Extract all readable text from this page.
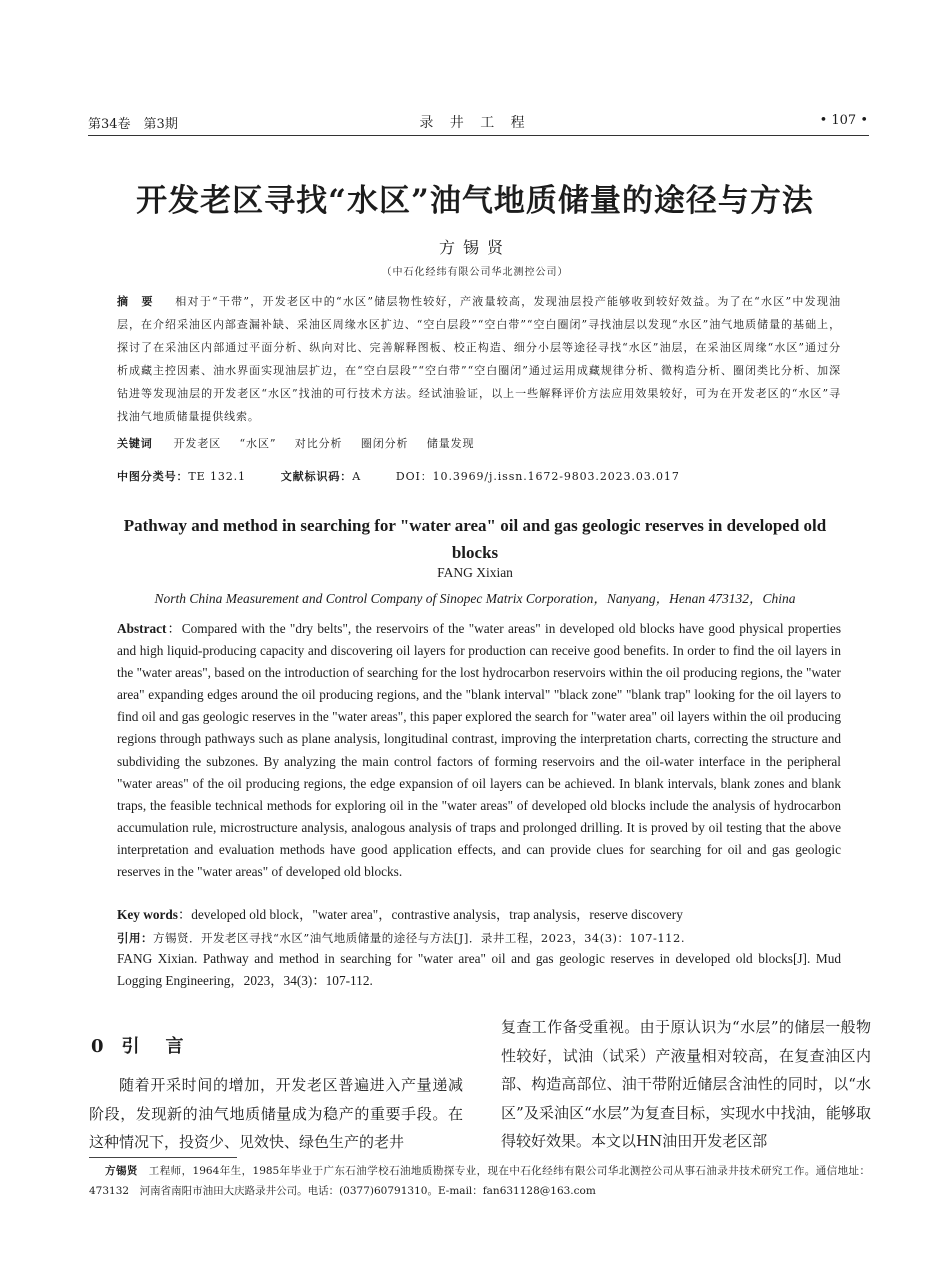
第34卷　第3期	录 井 工 程	• 107 •
开发老区寻找“水区”油气地质储量的途径与方法
方锡贤
（中石化经纬有限公司华北测控公司）
摘　要 相对于“干带”，开发老区中的“水区”储层物性较好，产液量较高，发现油层投产能够收到较好效益。为了在“水区”中发现油层，在介绍采油区内部查漏补缺、采油区周缘水区扩边、“空白层段”“空白带”“空白圈闭”寻找油层以发现“水区”油气地质储量的基础上，探讨了在采油区内部通过平面分析、纵向对比、完善解释图板、校正构造、细分小层等途径寻找“水区”油层，在采油区周缘“水区”通过分析成藏主控因素、油水界面实现油层扩边，在“空白层段”“空白带”“空白圈闭”通过运用成藏规律分析、微构造分析、圈闭类比分析、加深钻进等发现油层的开发老区“水区”找油的可行技术方法。经试油验证，以上一些解释评价方法应用效果较好，可为在开发老区的“水区”寻找油气地质储量提供线索。
关键词 开发老区 “水区” 对比分析 圈闭分析 储量发现
中图分类号：TE 132.1	文献标识码：A	DOI：10.3969/j.issn.1672-9803.2023.03.017
Pathway and method in searching for "water area" oil and gas geologic reserves in developed old blocks
FANG Xixian
North China Measurement and Control Company of Sinopec Matrix Corporation，Nanyang，Henan 473132，China
Abstract：Compared with the "dry belts", the reservoirs of the "water areas" in developed old blocks have good physical properties and high liquid-producing capacity and discovering oil layers for production can receive good benefits. In order to find the oil layers in the "water areas", based on the introduction of searching for the lost hydrocarbon reservoirs within the oil producing regions, the "water area" expanding edges around the oil producing regions, and the "blank interval" "black zone" "blank trap" looking for the oil layers to find oil and gas geologic reserves in the "water areas", this paper explored the search for "water area" oil layers within the oil producing regions through pathways such as plane analysis, longitudinal contrast, improving the interpretation charts, correcting the structure and subdividing the subzones. By analyzing the main control factors of forming reservoirs and the oil-water interface in the peripheral "water areas" of the oil producing regions, the edge expansion of oil layers can be achieved. In blank intervals, blank zones and blank traps, the feasible technical methods for exploring oil in the "water areas" of developed old blocks include the analysis of hydrocarbon accumulation rule, microstructure analysis, analogous analysis of traps and prolonged drilling. It is proved by oil testing that the above interpretation and evaluation methods have good application effects, and can provide clues for searching for oil and gas geologic reserves in the "water areas" of developed old blocks.
Key words：developed old block，"water area"，contrastive analysis，trap analysis，reserve discovery
引用：方锡贤．开发老区寻找“水区”油气地质储量的途径与方法[J]．录井工程，2023，34(3)：107-112.
FANG Xixian. Pathway and method in searching for "water area" oil and gas geologic reserves in developed old blocks[J]. Mud Logging Engineering，2023，34(3)：107-112.
0 引　言
随着开采时间的增加，开发老区普遍进入产量递减阶段，发现新的油气地质储量成为稳产的重要手段。在这种情况下，投资少、见效快、绿色生产的老井
复查工作备受重视。由于原认识为“水层”的储层一般物性较好，试油（试采）产液量相对较高，在复查油区内部、构造高部位、油干带附近储层含油性的同时，以“水区”及采油区“水层”为复查目标，实现水中找油，能够取得较好效果。本文以HN油田开发老区部
方锡贤　工程师，1964年生，1985年毕业于广东石油学校石油地质勘探专业，现在中石化经纬有限公司华北测控公司从事石油录井技术研究工作。通信地址：473132　河南省南阳市油田大庆路录井公司。电话：(0377)60791310。E-mail：fan631128@163.com
